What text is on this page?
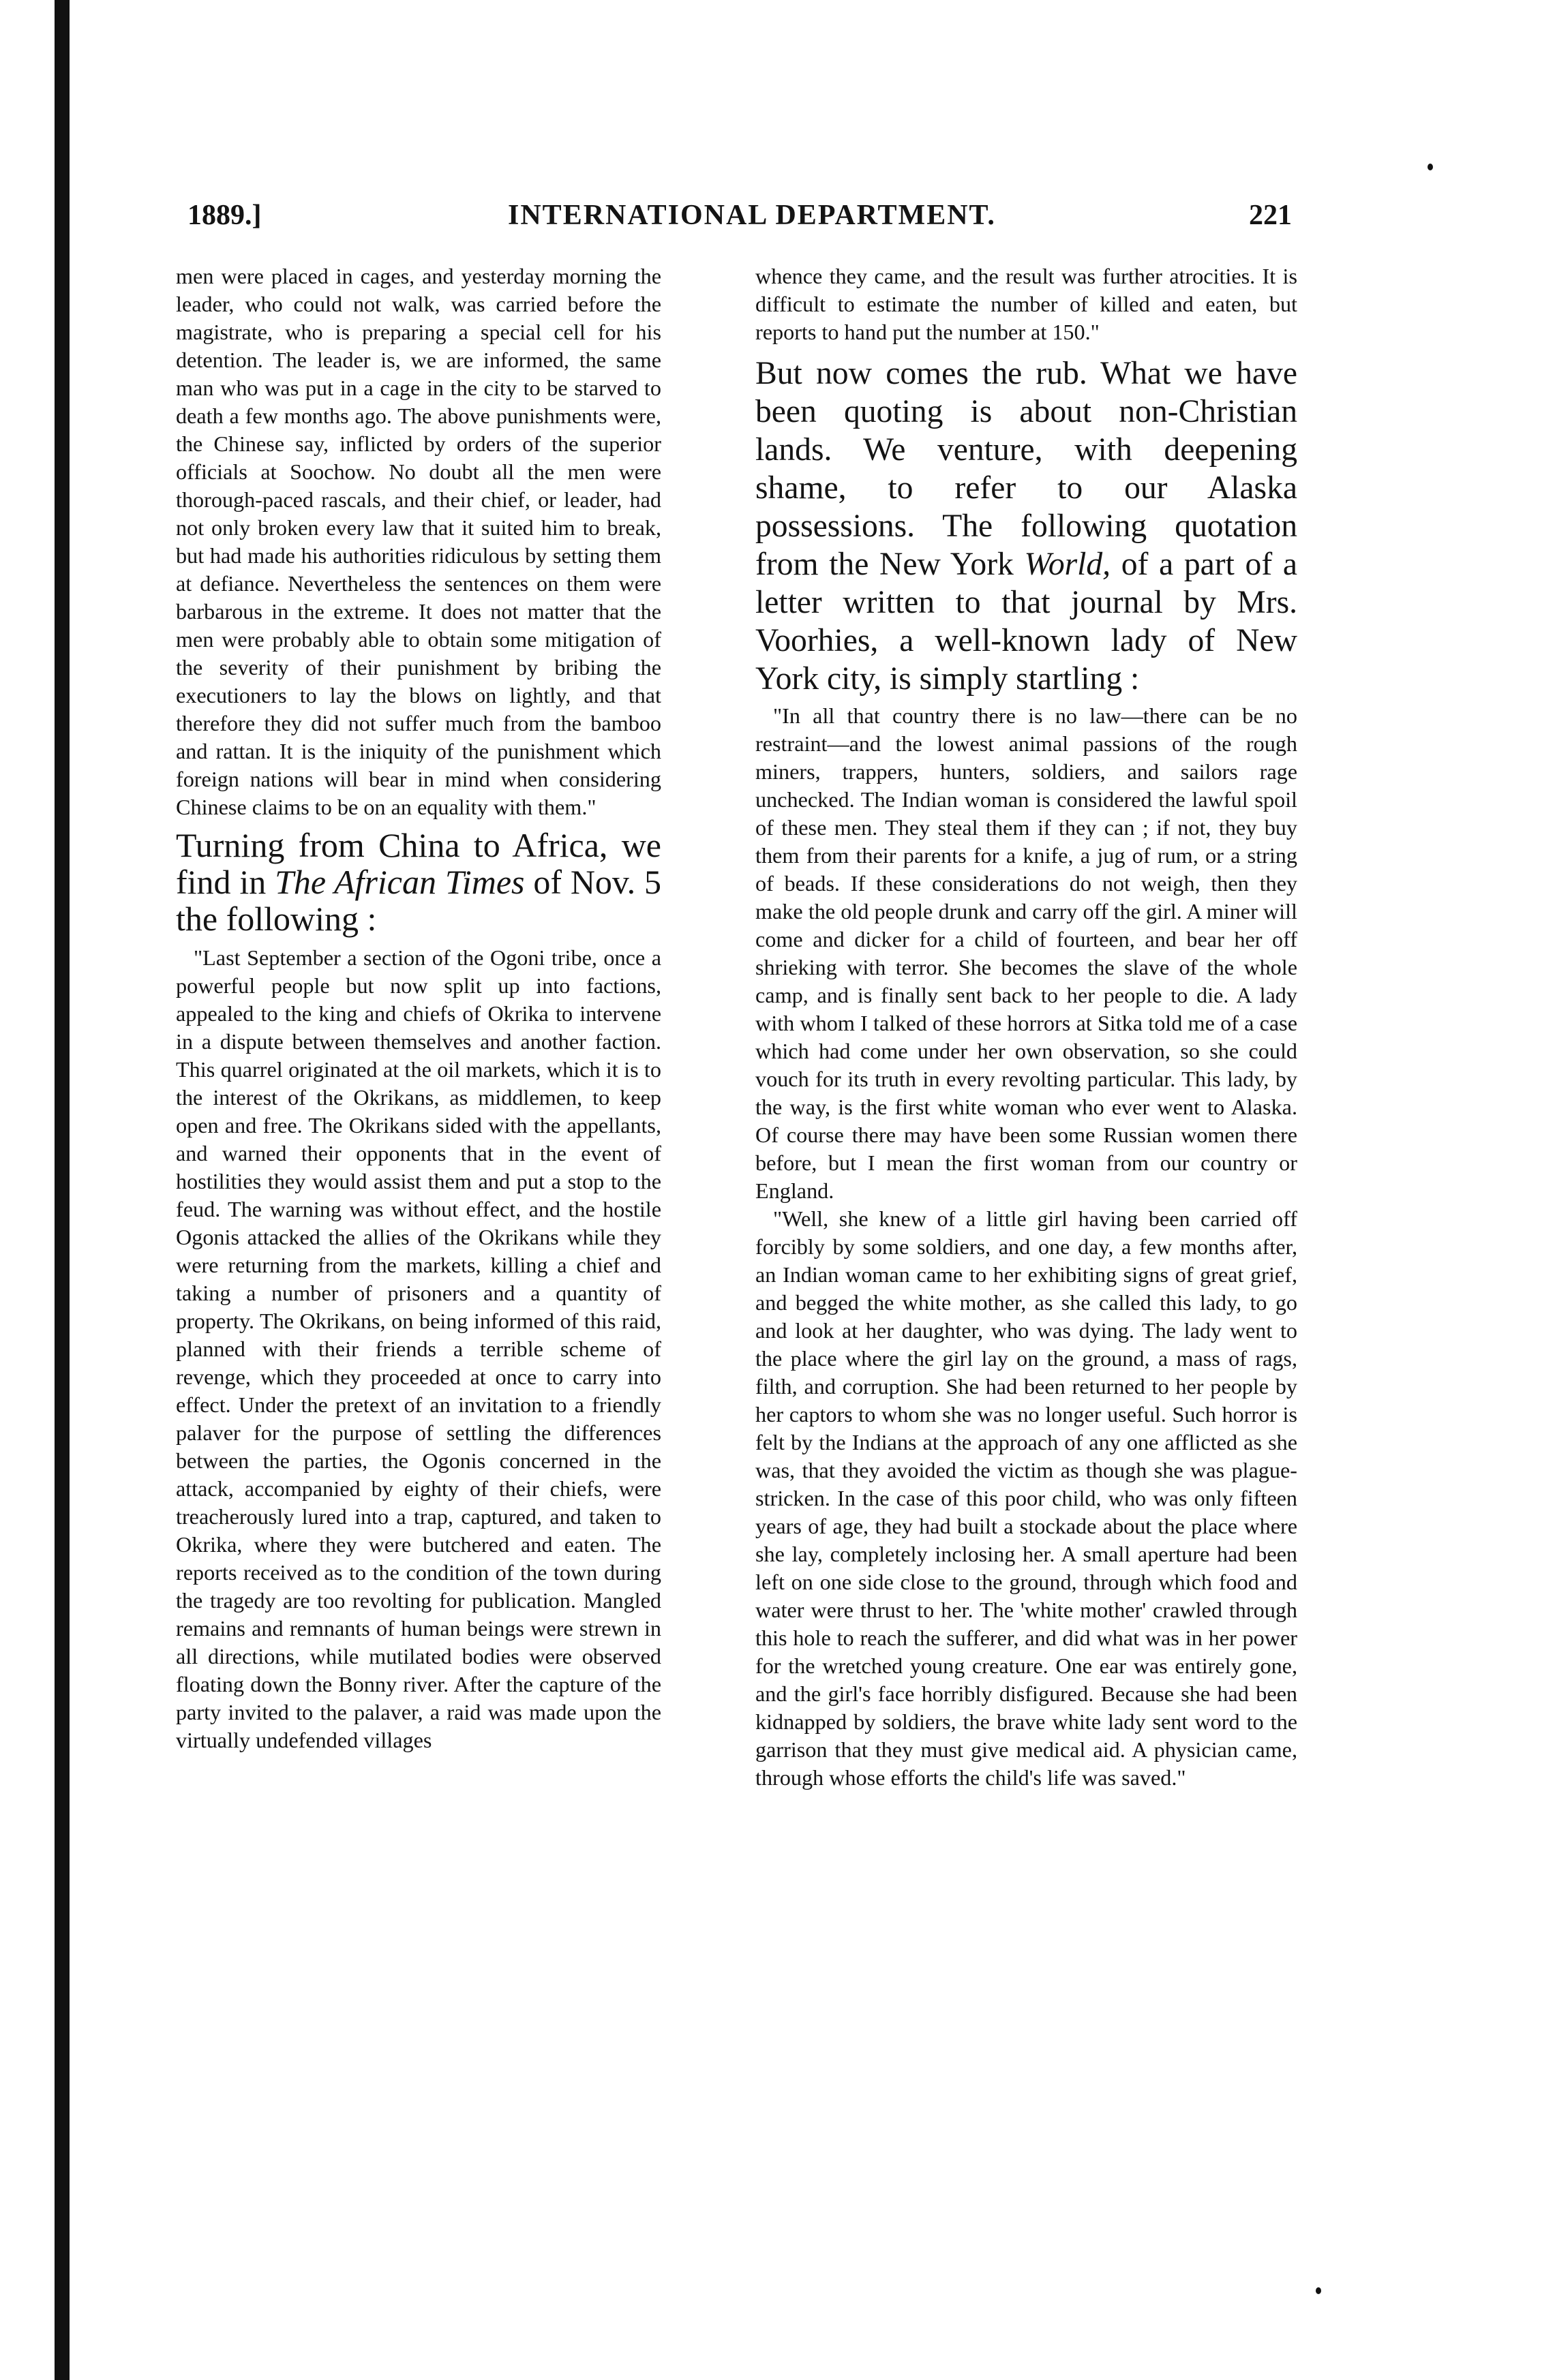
1889.]	INTERNATIONAL DEPARTMENT.	221

men were placed in cages, and yesterday morning the leader, who could not walk, was carried before the magistrate, who is preparing a special cell for his detention. The leader is, we are informed, the same man who was put in a cage in the city to be starved to death a few months ago. The above punishments were, the Chinese say, inflicted by orders of the superior officials at Soochow. No doubt all the men were thorough-paced rascals, and their chief, or leader, had not only broken every law that it suited him to break, but had made his authorities ridiculous by setting them at defiance. Nevertheless the sentences on them were barbarous in the extreme. It does not matter that the men were probably able to obtain some mitigation of the severity of their punishment by bribing the executioners to lay the blows on lightly, and that therefore they did not suffer much from the bamboo and rattan. It is the iniquity of the punishment which foreign nations will bear in mind when considering Chinese claims to be on an equality with them."

Turning from China to Africa, we find in The African Times of Nov. 5 the following :

"Last September a section of the Ogoni tribe, once a powerful people but now split up into factions, appealed to the king and chiefs of Okrika to intervene in a dispute between themselves and another faction. This quarrel originated at the oil markets, which it is to the interest of the Okrikans, as middlemen, to keep open and free. The Okrikans sided with the appellants, and warned their opponents that in the event of hostilities they would assist them and put a stop to the feud. The warning was without effect, and the hostile Ogonis attacked the allies of the Okrikans while they were returning from the markets, killing a chief and taking a number of prisoners and a quantity of property. The Okrikans, on being informed of this raid, planned with their friends a terrible scheme of revenge, which they proceeded at once to carry into effect. Under the pretext of an invitation to a friendly palaver for the purpose of settling the differences between the parties, the Ogonis concerned in the attack, accompanied by eighty of their chiefs, were treacherously lured into a trap, captured, and taken to Okrika, where they were butchered and eaten. The reports received as to the condition of the town during the tragedy are too revolting for publication. Mangled remains and remnants of human beings were strewn in all directions, while mutilated bodies were observed floating down the Bonny river. After the capture of the party invited to the palaver, a raid was made upon the virtually undefended villages

whence they came, and the result was further atrocities. It is difficult to estimate the number of killed and eaten, but reports to hand put the number at 150."

But now comes the rub. What we have been quoting is about non-Christian lands. We venture, with deepening shame, to refer to our Alaska possessions. The following quotation from the New York World, of a part of a letter written to that journal by Mrs. Voorhies, a well-known lady of New York city, is simply startling :

"In all that country there is no law—there can be no restraint—and the lowest animal passions of the rough miners, trappers, hunters, soldiers, and sailors rage unchecked. The Indian woman is considered the lawful spoil of these men. They steal them if they can ; if not, they buy them from their parents for a knife, a jug of rum, or a string of beads. If these considerations do not weigh, then they make the old people drunk and carry off the girl. A miner will come and dicker for a child of fourteen, and bear her off shrieking with terror. She becomes the slave of the whole camp, and is finally sent back to her people to die. A lady with whom I talked of these horrors at Sitka told me of a case which had come under her own observation, so she could vouch for its truth in every revolting particular. This lady, by the way, is the first white woman who ever went to Alaska. Of course there may have been some Russian women there before, but I mean the first woman from our country or England.

"Well, she knew of a little girl having been carried off forcibly by some soldiers, and one day, a few months after, an Indian woman came to her exhibiting signs of great grief, and begged the white mother, as she called this lady, to go and look at her daughter, who was dying. The lady went to the place where the girl lay on the ground, a mass of rags, filth, and corruption. She had been returned to her people by her captors to whom she was no longer useful. Such horror is felt by the Indians at the approach of any one afflicted as she was, that they avoided the victim as though she was plague-stricken. In the case of this poor child, who was only fifteen years of age, they had built a stockade about the place where she lay, completely inclosing her. A small aperture had been left on one side close to the ground, through which food and water were thrust to her. The 'white mother' crawled through this hole to reach the sufferer, and did what was in her power for the wretched young creature. One ear was entirely gone, and the girl's face horribly disfigured. Because she had been kidnapped by soldiers, the brave white lady sent word to the garrison that they must give medical aid. A physician came, through whose efforts the child's life was saved."
